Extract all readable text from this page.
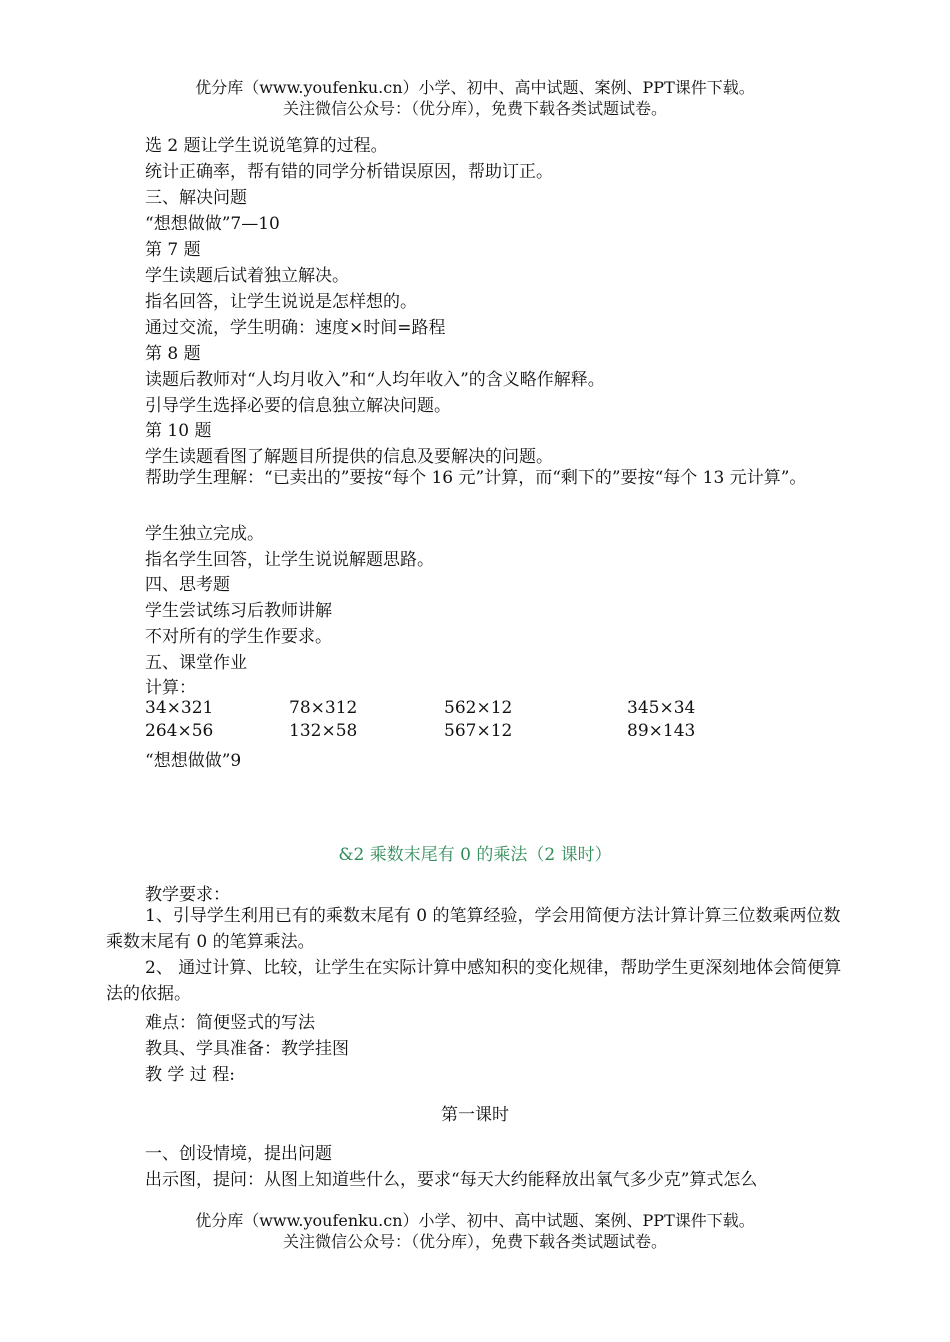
优分库（www.youfenku.cn）小学、初中、高中试题、案例、PPT课件下载。
关注微信公众号：（优分库），免费下载各类试题试卷。
选 2 题让学生说说笔算的过程。
统计正确率，帮有错的同学分析错误原因，帮助订正。
三、解决问题
“想想做做”7—10
第 7 题
学生读题后试着独立解决。
指名回答，让学生说说是怎样想的。
通过交流，学生明确：速度×时间=路程
第 8 题
读题后教师对“人均月收入”和“人均年收入”的含义略作解释。
引导学生选择必要的信息独立解决问题。
第 10 题
学生读题看图了解题目所提供的信息及要解决的问题。
帮助学生理解：“已卖出的”要按“每个 16 元”计算，而“剩下的”要按“每个 13 元计算”。
学生独立完成。
指名学生回答，让学生说说解题思路。
四、思考题
学生尝试练习后教师讲解
不对所有的学生作要求。
五、课堂作业
计算：
34×321	78×312	562×12	345×34
264×56	132×58	567×12	89×143
“想想做做”9
&2 乘数末尾有 0 的乘法（2 课时）
教学要求：
1、引导学生利用已有的乘数末尾有 0 的笔算经验，学会用简便方法计算计算三位数乘两位数乘数末尾有 0 的笔算乘法。
2、 通过计算、比较，让学生在实际计算中感知积的变化规律，帮助学生更深刻地体会简便算法的依据。
难点：简便竖式的写法
教具、学具准备：教学挂图
教 学 过 程:
第一课时
一、创设情境，提出问题
出示图，提问：从图上知道些什么，要求“每天大约能释放出氧气多少克”算式怎么
优分库（www.youfenku.cn）小学、初中、高中试题、案例、PPT课件下载。
关注微信公众号：（优分库），免费下载各类试题试卷。
